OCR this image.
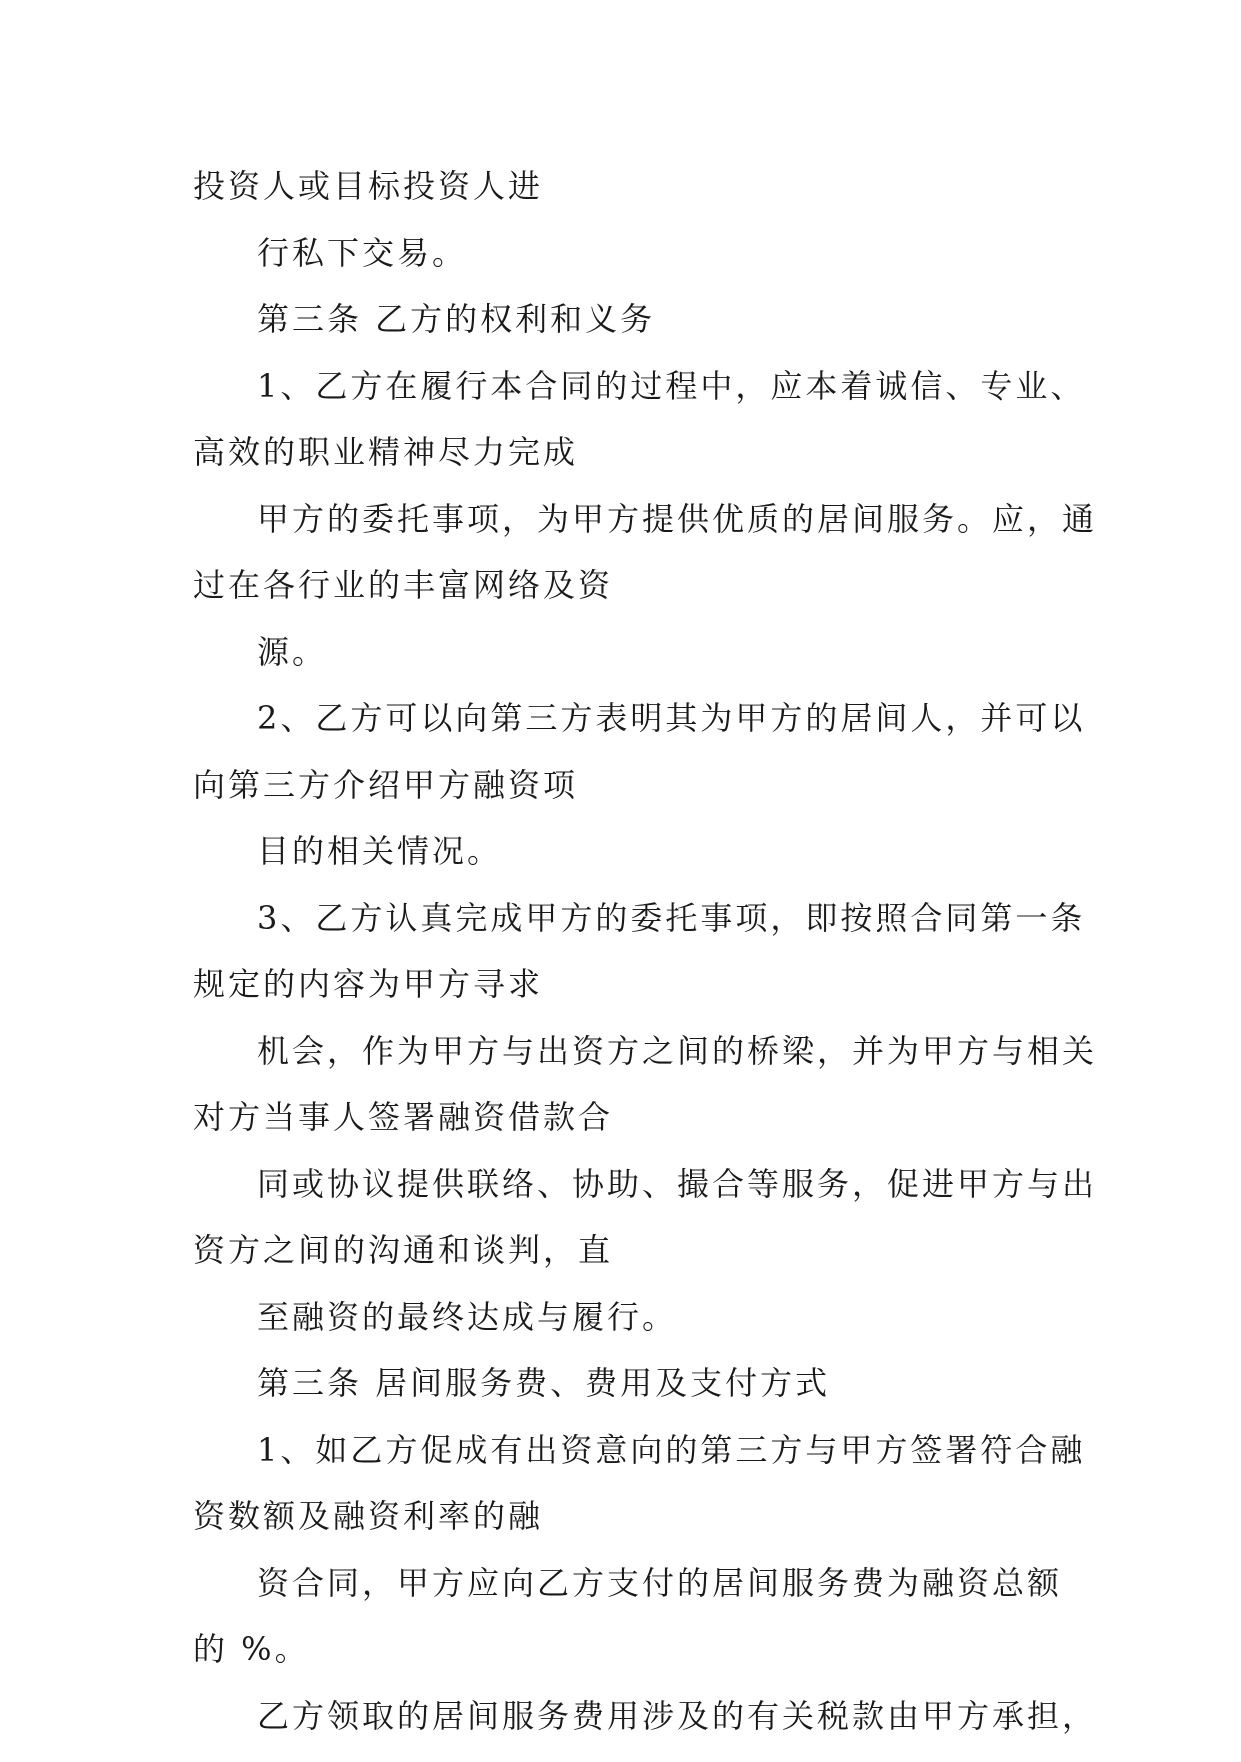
投资人或目标投资人进
行私下交易。
第三条 乙方的权利和义务
1、乙方在履行本合同的过程中，应本着诚信、专业、
高效的职业精神尽力完成
甲方的委托事项，为甲方提供优质的居间服务。应，通
过在各行业的丰富网络及资
源。
2、乙方可以向第三方表明其为甲方的居间人，并可以
向第三方介绍甲方融资项
目的相关情况。
3、乙方认真完成甲方的委托事项，即按照合同第一条
规定的内容为甲方寻求
机会，作为甲方与出资方之间的桥梁，并为甲方与相关
对方当事人签署融资借款合
同或协议提供联络、协助、撮合等服务，促进甲方与出
资方之间的沟通和谈判，直
至融资的最终达成与履行。
第三条 居间服务费、费用及支付方式
1、如乙方促成有出资意向的第三方与甲方签署符合融
资数额及融资利率的融
资合同，甲方应向乙方支付的居间服务费为融资总额
的 %。
乙方领取的居间服务费用涉及的有关税款由甲方承担，
